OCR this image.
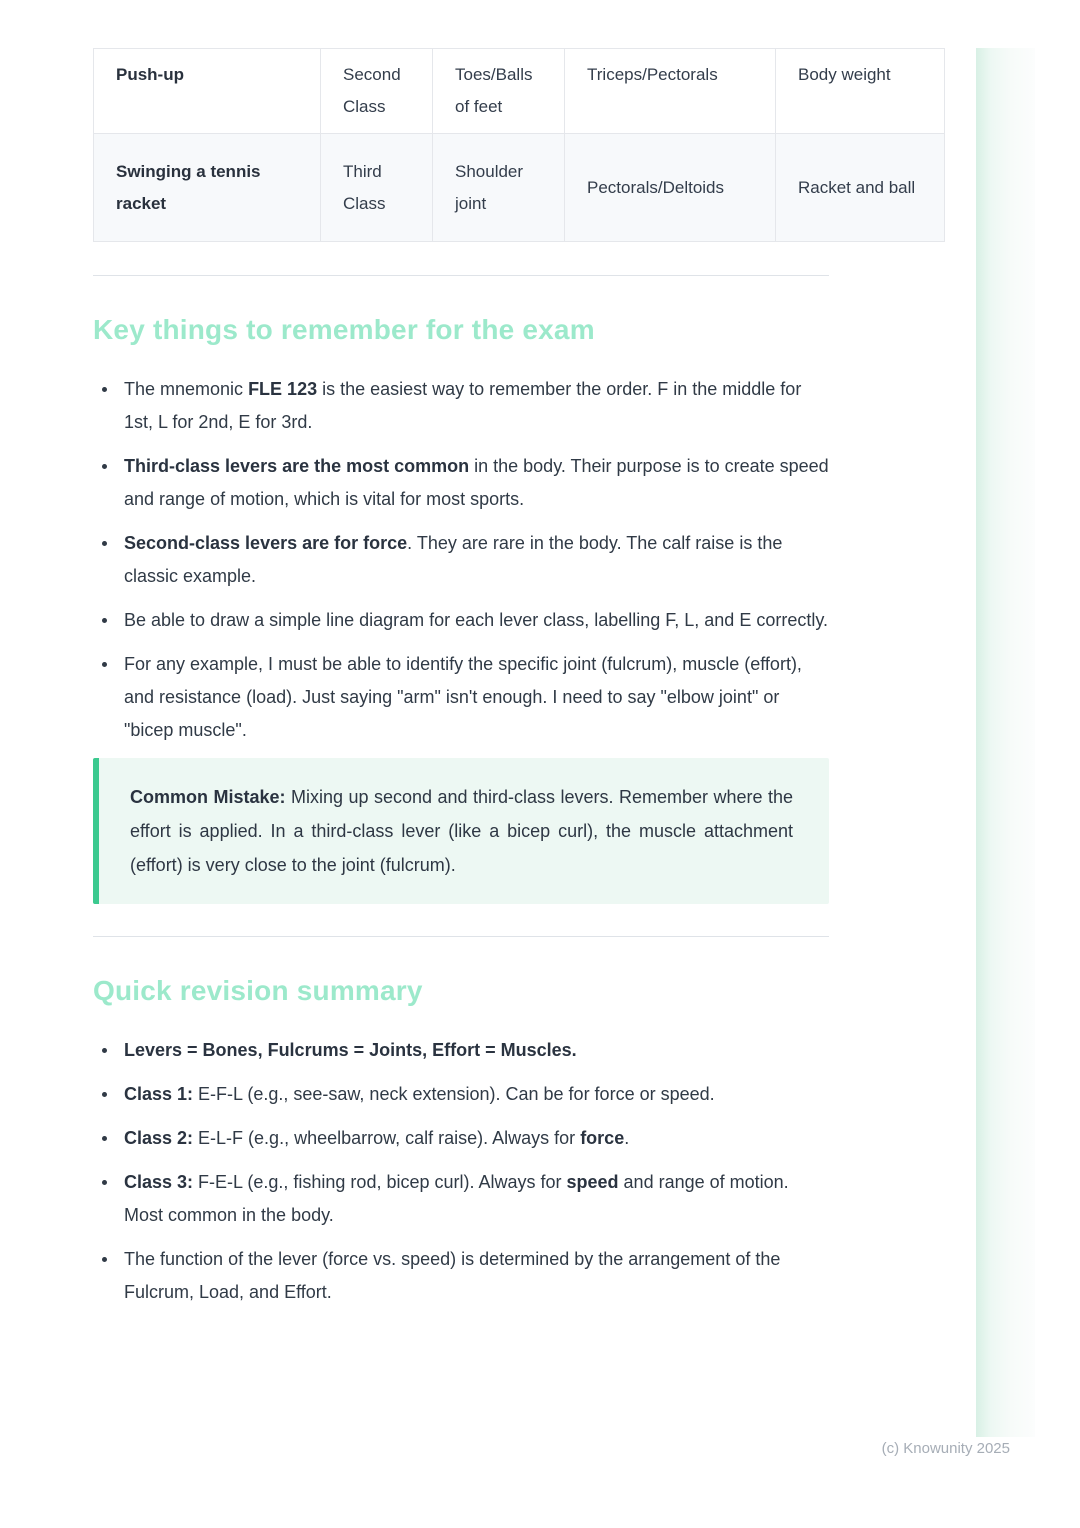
Push-up	Second Class	Toes/Balls of feet	Triceps/Pectorals	Body weight
Swinging a tennis racket	Third Class	Shoulder joint	Pectorals/Deltoids	Racket and ball
Key things to remember for the exam
The mnemonic FLE 123 is the easiest way to remember the order. F in the middle for 1st, L for 2nd, E for 3rd.
Third-class levers are the most common in the body. Their purpose is to create speed and range of motion, which is vital for most sports.
Second-class levers are for force. They are rare in the body. The calf raise is the classic example.
Be able to draw a simple line diagram for each lever class, labelling F, L, and E correctly.
For any example, I must be able to identify the specific joint (fulcrum), muscle (effort), and resistance (load). Just saying "arm" isn't enough. I need to say "elbow joint" or "bicep muscle".

Common Mistake: Mixing up second and third-class levers. Remember where the effort is applied. In a third-class lever (like a bicep curl), the muscle attachment (effort) is very close to the joint (fulcrum).

Quick revision summary
Levers = Bones, Fulcrums = Joints, Effort = Muscles.
Class 1: E-F-L (e.g., see-saw, neck extension). Can be for force or speed.
Class 2: E-L-F (e.g., wheelbarrow, calf raise). Always for force.
Class 3: F-E-L (e.g., fishing rod, bicep curl). Always for speed and range of motion. Most common in the body.
The function of the lever (force vs. speed) is determined by the arrangement of the Fulcrum, Load, and Effort.
(c) Knowunity 2025
